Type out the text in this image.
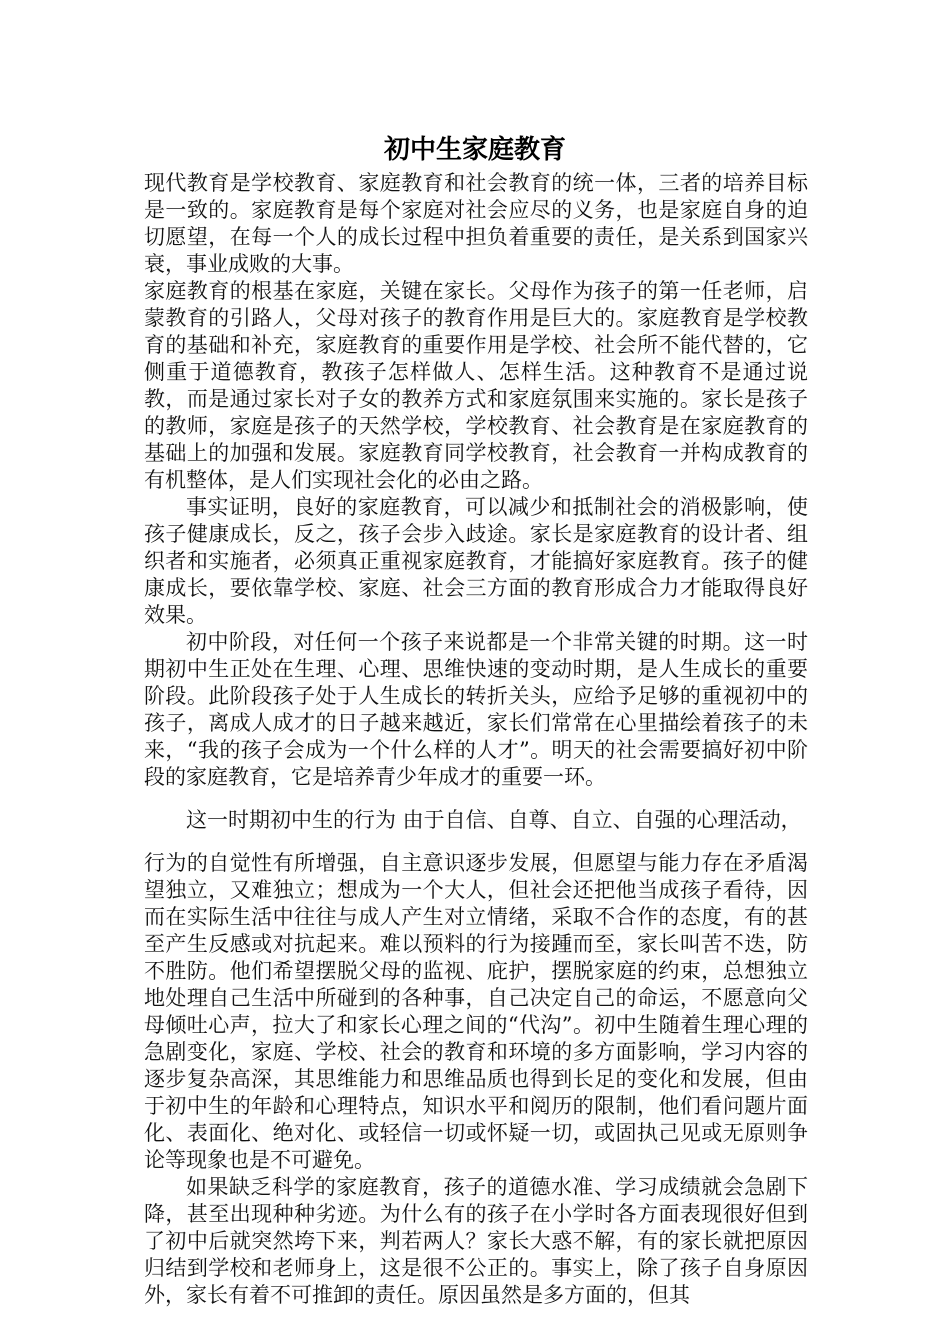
初中生家庭教育

现代教育是学校教育、家庭教育和社会教育的统一体，三者的培养目标是一致的。家庭教育是每个家庭对社会应尽的义务，也是家庭自身的迫切愿望，在每一个人的成长过程中担负着重要的责任，是关系到国家兴衰，事业成败的大事。

家庭教育的根基在家庭，关键在家长。父母作为孩子的第一任老师，启蒙教育的引路人，父母对孩子的教育作用是巨大的。家庭教育是学校教育的基础和补充，家庭教育的重要作用是学校、社会所不能代替的，它侧重于道德教育，教孩子怎样做人、怎样生活。这种教育不是通过说教，而是通过家长对子女的教养方式和家庭氛围来实施的。家长是孩子的教师，家庭是孩子的天然学校，学校教育、社会教育是在家庭教育的基础上的加强和发展。家庭教育同学校教育，社会教育一并构成教育的有机整体，是人们实现社会化的必由之路。

事实证明，良好的家庭教育，可以减少和抵制社会的消极影响，使孩子健康成长，反之，孩子会步入歧途。家长是家庭教育的设计者、组织者和实施者，必须真正重视家庭教育，才能搞好家庭教育。孩子的健康成长，要依靠学校、家庭、社会三方面的教育形成合力才能取得良好效果。

初中阶段，对任何一个孩子来说都是一个非常关键的时期。这一时期初中生正处在生理、心理、思维快速的变动时期，是人生成长的重要阶段。此阶段孩子处于人生成长的转折关头，应给予足够的重视初中的孩子，离成人成才的日子越来越近，家长们常常在心里描绘着孩子的未来，“我的孩子会成为一个什么样的人才”。明天的社会需要搞好初中阶段的家庭教育，它是培养青少年成才的重要一环。

这一时期初中生的行为 由于自信、自尊、自立、自强的心理活动，

行为的自觉性有所增强，自主意识逐步发展，但愿望与能力存在矛盾渴望独立，又难独立；想成为一个大人，但社会还把他当成孩子看待，因而在实际生活中往往与成人产生对立情绪，采取不合作的态度，有的甚至产生反感或对抗起来。难以预料的行为接踵而至，家长叫苦不迭，防不胜防。他们希望摆脱父母的监视、庇护，摆脱家庭的约束，总想独立地处理自己生活中所碰到的各种事，自己决定自己的命运，不愿意向父母倾吐心声，拉大了和家长心理之间的“代沟”。初中生随着生理心理的急剧变化，家庭、学校、社会的教育和环境的多方面影响，学习内容的逐步复杂高深，其思维能力和思维品质也得到长足的变化和发展，但由于初中生的年龄和心理特点，知识水平和阅历的限制，他们看问题片面化、表面化、绝对化、或轻信一切或怀疑一切，或固执己见或无原则争论等现象也是不可避免。

如果缺乏科学的家庭教育，孩子的道德水准、学习成绩就会急剧下降，甚至出现种种劣迹。为什么有的孩子在小学时各方面表现很好但到了初中后就突然垮下来，判若两人？家长大惑不解，有的家长就把原因归结到学校和老师身上，这是很不公正的。事实上，除了孩子自身原因外，家长有着不可推卸的责任。原因虽然是多方面的，但其
